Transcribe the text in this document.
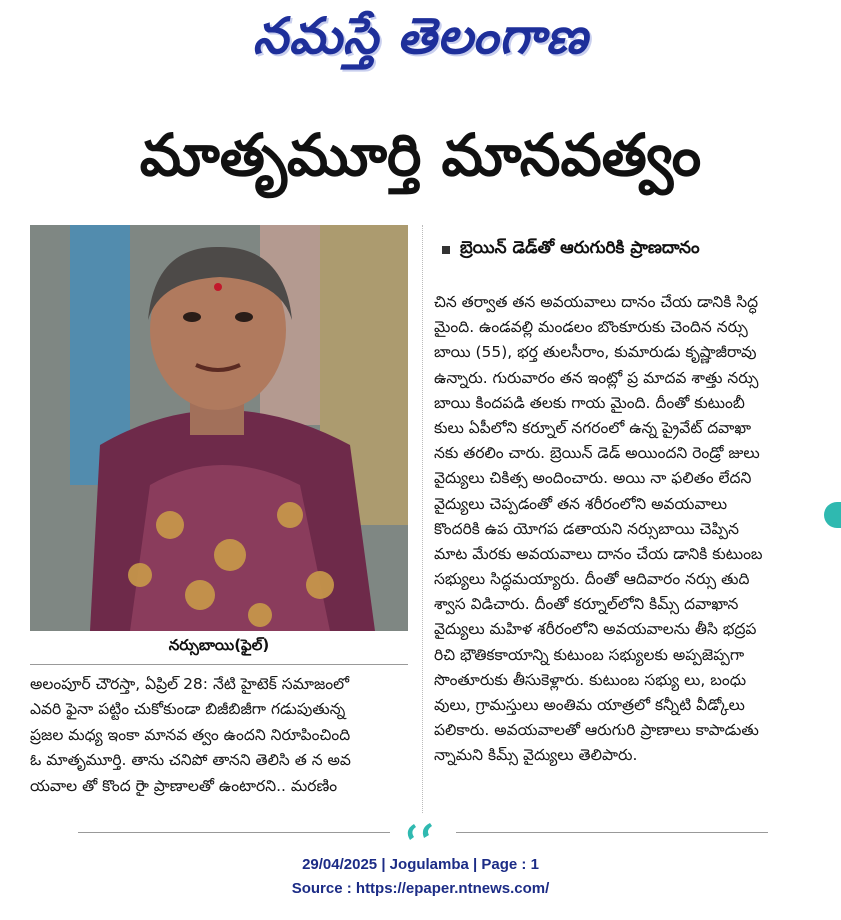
నమస్తే తెలంగాణ
మాతృమూర్తి మానవత్వం
నర్సుబాయి(ఫైల్)
బ్రెయిన్ డెడ్‌తో ఆరుగురికి ప్రాణదానం
అలంపూర్ చౌరస్తా, ఏప్రిల్ 28: నేటి హైటెక్ సమాజంలో
ఎవరి ఫైనా పట్టిం చుకోకుండా బిజీబిజీగా గడుపుతున్న
ప్రజల మధ్య ఇంకా మానవ త్వం ఉందని నిరూపించింది
ఓ మాతృమూర్తి. తాను చనిపో తానని తెలిసి త న అవ
యవాల తో కొంద రైా ప్రాణాలతో ఉంటారని.. మరణిం
చిన తర్వాత తన అవయవాలు దానం చేయ డానికి సిద్ధ
మైంది. ఉండవల్లి మండలం బొంకూరుకు చెందిన నర్సు
బాయి (55), భర్త తులసీరాం, కుమారుడు కృష్ణాజీరావు
ఉన్నారు. గురువారం తన ఇంట్లో ప్ర మాదవ శాత్తు నర్సు
బాయి కిందపడి తలకు గాయ మైంది. దీంతో కుటుంబీ
కులు ఏపీలోని కర్నూల్ నగరంలో ఉన్న ప్రైవేట్ దవాఖా
నకు తరలిం చారు. బ్రెయిన్ డెడ్ అయిందని రెండ్రో జులు
వైద్యులు చికిత్స అందించారు. అయి నా ఫలితం లేదని
వైద్యులు చెప్పడంతో తన శరీరంలోని అవయవాలు
కొందరికి ఉప యోగప డతాయని నర్సుబాయి చెప్పిన
మాట మేరకు అవయవాలు దానం చేయ డానికి కుటుంబ
సభ్యులు సిద్ధమయ్యారు. దీంతో ఆదివారం నర్సు తుది
శ్వాస విడిచారు. దీంతో కర్నూల్‌లోని కిమ్స్ దవాఖాన
వైద్యులు మహిళ శరీరంలోని అవయవాలను తీసి భద్రప
రిచి భౌతికకాయాన్ని కుటుంబ సభ్యులకు అప్పజెప్పగా
సొంతూరుకు తీసుకెళ్లారు. కుటుంబ సభ్యు లు, బంధు
వులు, గ్రామస్తులు అంతిమ యాత్రలో కన్నీటి వీడ్కోలు
పలికారు. అవయవాలతో ఆరుగురి ప్రాణాలు కాపాడుతు
న్నామని కిమ్స్ వైద్యులు తెలిపారు.
29/04/2025 | Jogulamba | Page : 1
Source : https://epaper.ntnews.com/
